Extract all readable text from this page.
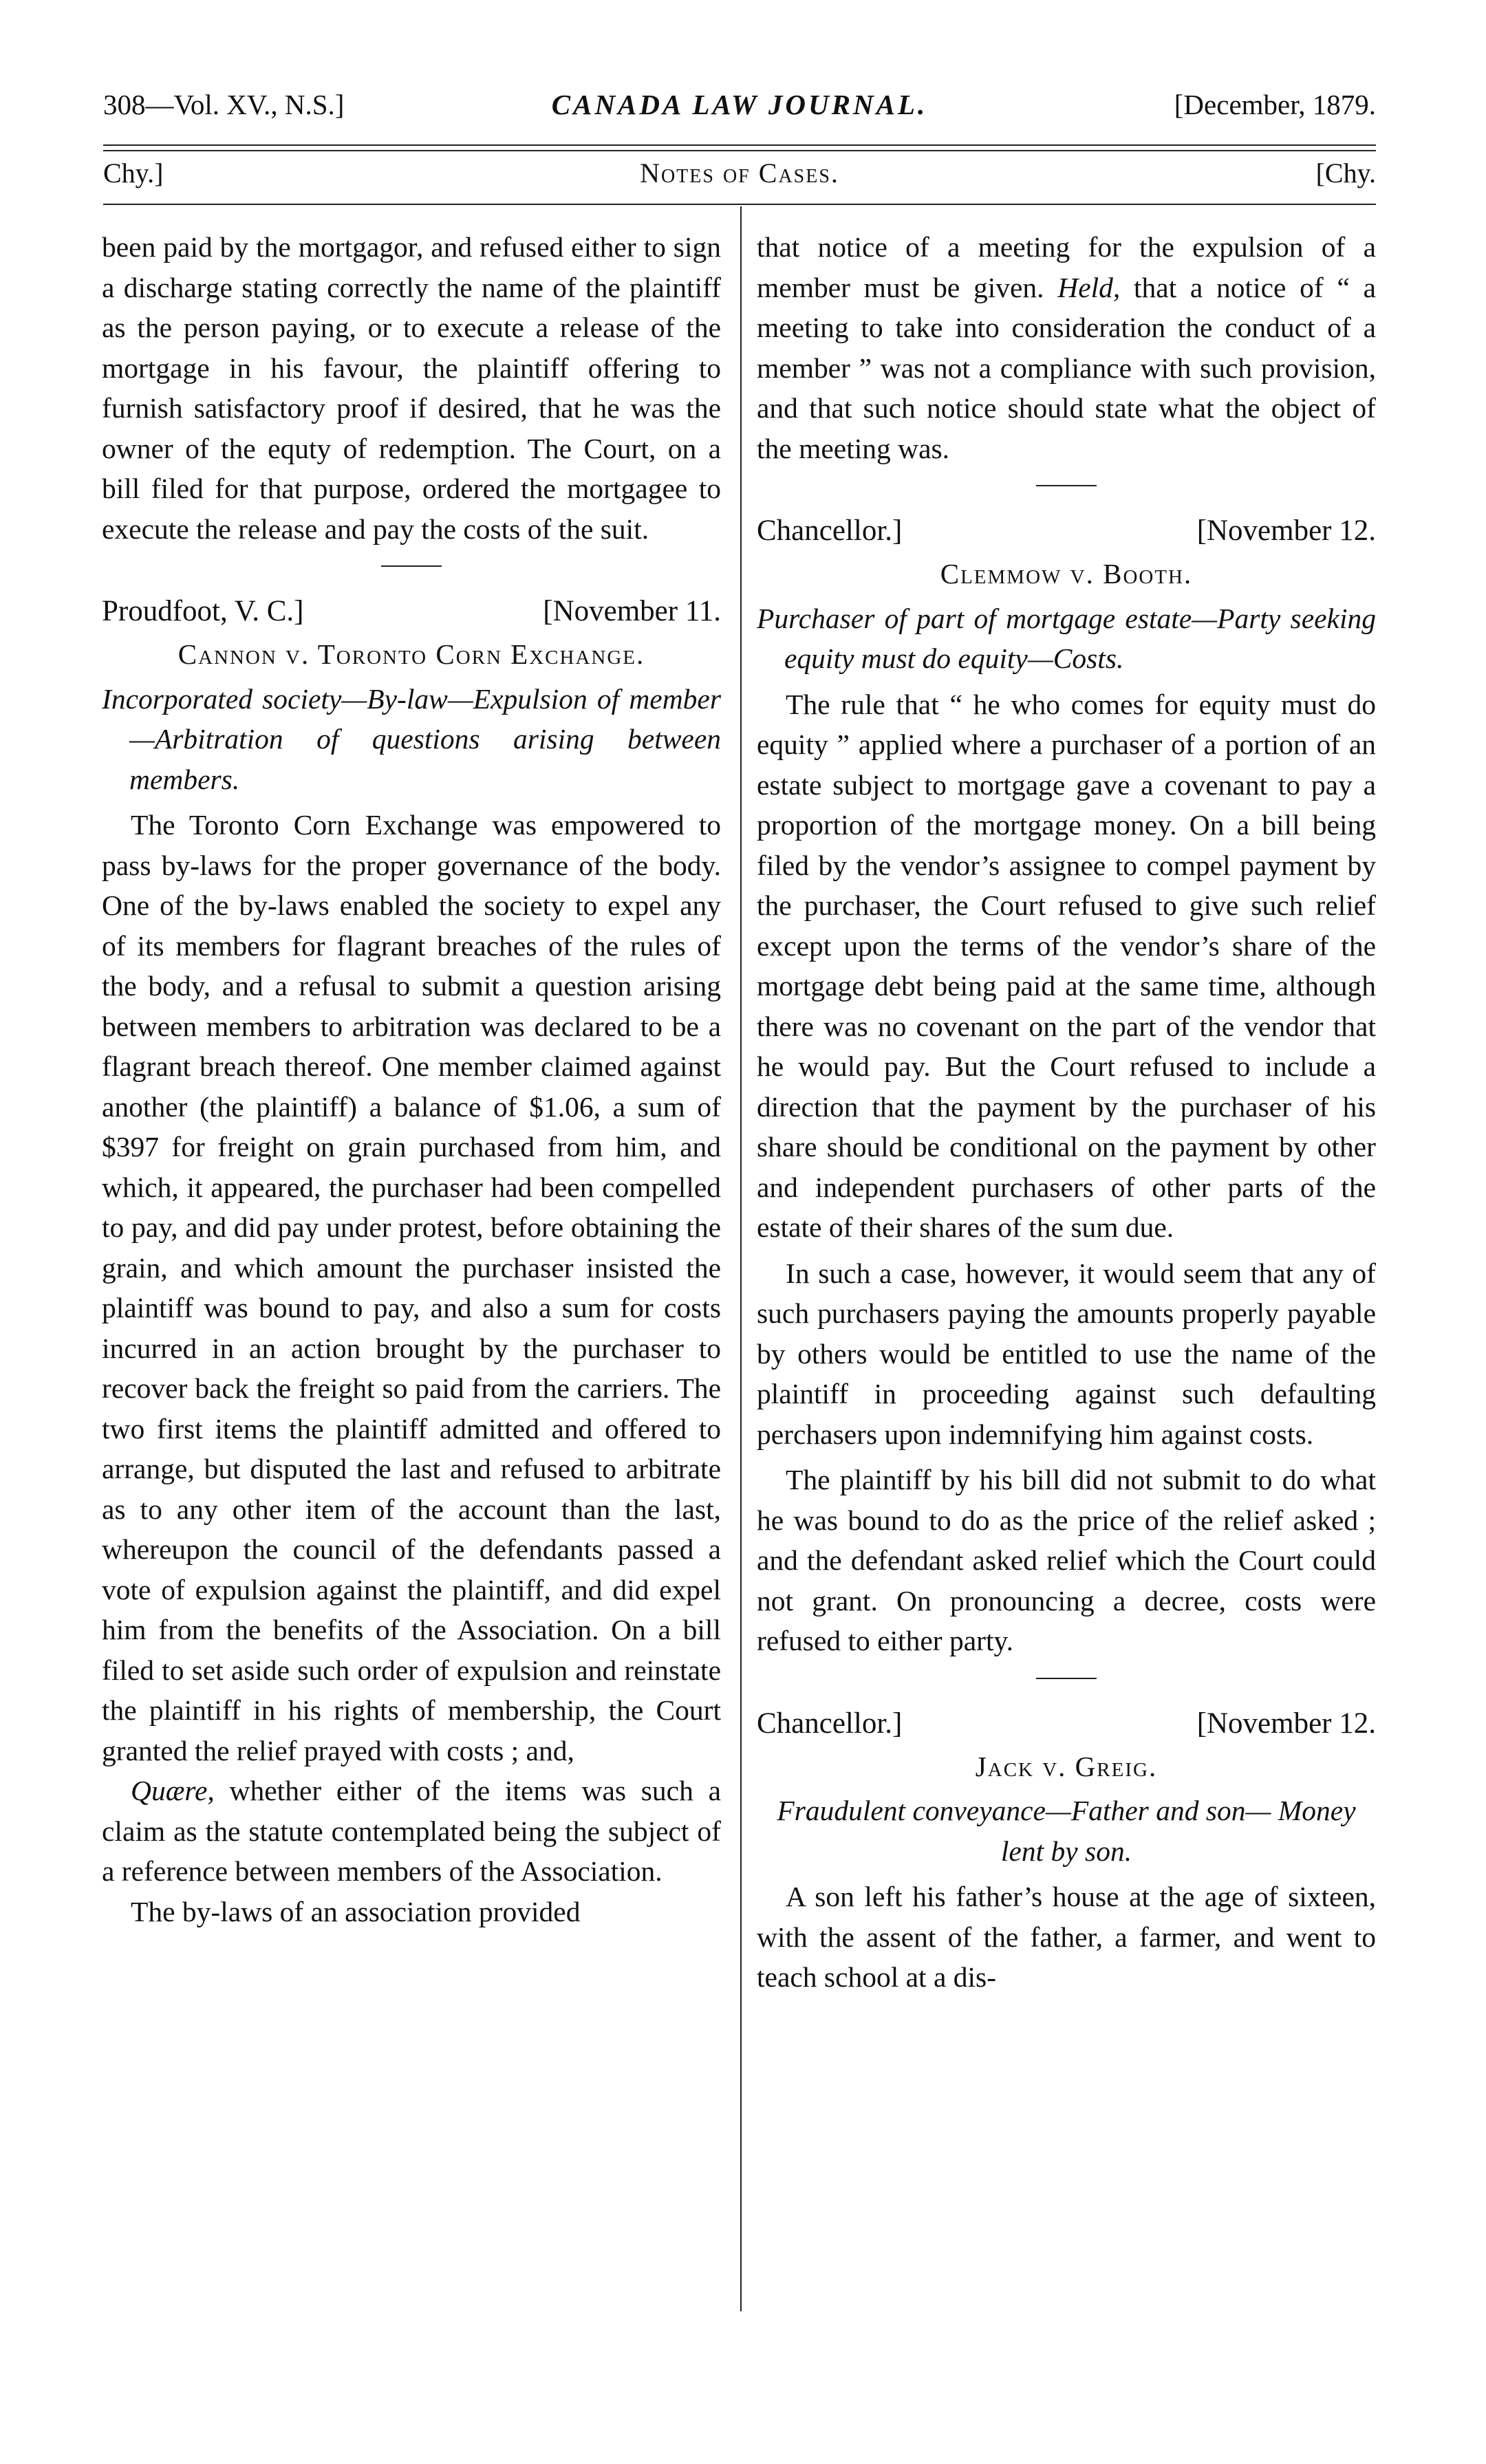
308—Vol. XV., N.S.]	CANADA LAW JOURNAL.	[December, 1879.
Chy.]	Notes of Cases.	[Chy.

been paid by the mortgagor, and refused either to sign a discharge stating correctly the name of the plaintiff as the person paying, or to execute a release of the mortgage in his favour, the plaintiff offering to furnish satisfactory proof if desired, that he was the owner of the equty of redemption. The Court, on a bill filed for that purpose, ordered the mortgagee to execute the release and pay the costs of the suit.

Proudfoot, V. C.]	[November 11.

Cannon v. Toronto Corn Exchange.

Incorporated society—By-law—Expulsion of member—Arbitration of questions arising between members.

The Toronto Corn Exchange was empowered to pass by-laws for the proper governance of the body. One of the by-laws enabled the society to expel any of its members for flagrant breaches of the rules of the body, and a refusal to submit a question arising between members to arbitration was declared to be a flagrant breach thereof. One member claimed against another (the plaintiff) a balance of $1.06, a sum of $397 for freight on grain purchased from him, and which, it appeared, the purchaser had been compelled to pay, and did pay under protest, before obtaining the grain, and which amount the purchaser insisted the plaintiff was bound to pay, and also a sum for costs incurred in an action brought by the purchaser to recover back the freight so paid from the carriers. The two first items the plaintiff admitted and offered to arrange, but disputed the last and refused to arbitrate as to any other item of the account than the last, whereupon the council of the defendants passed a vote of expulsion against the plaintiff, and did expel him from the benefits of the Association. On a bill filed to set aside such order of expulsion and reinstate the plaintiff in his rights of membership, the Court granted the relief prayed with costs ; and,

Quære, whether either of the items was such a claim as the statute contemplated being the subject of a reference between members of the Association.

The by-laws of an association provided

that notice of a meeting for the expulsion of a member must be given. Held, that a notice of “ a meeting to take into consideration the conduct of a member ” was not a compliance with such provision, and that such notice should state what the object of the meeting was.

Chancellor.]	[November 12.

Clemmow v. Booth.

Purchaser of part of mortgage estate—Party seeking equity must do equity—Costs.

The rule that “ he who comes for equity must do equity ” applied where a purchaser of a portion of an estate subject to mortgage gave a covenant to pay a proportion of the mortgage money. On a bill being filed by the vendor’s assignee to compel payment by the purchaser, the Court refused to give such relief except upon the terms of the vendor’s share of the mortgage debt being paid at the same time, although there was no covenant on the part of the vendor that he would pay. But the Court refused to include a direction that the payment by the purchaser of his share should be conditional on the payment by other and independent purchasers of other parts of the estate of their shares of the sum due.

In such a case, however, it would seem that any of such purchasers paying the amounts properly payable by others would be entitled to use the name of the plaintiff in proceeding against such defaulting perchasers upon indemnifying him against costs.

The plaintiff by his bill did not submit to do what he was bound to do as the price of the relief asked ; and the defendant asked relief which the Court could not grant. On pronouncing a decree, costs were refused to either party.

Chancellor.]	[November 12.

Jack v. Greig.

Fraudulent conveyance—Father and son— Money lent by son.

A son left his father’s house at the age of sixteen, with the assent of the father, a farmer, and went to teach school at a dis-
